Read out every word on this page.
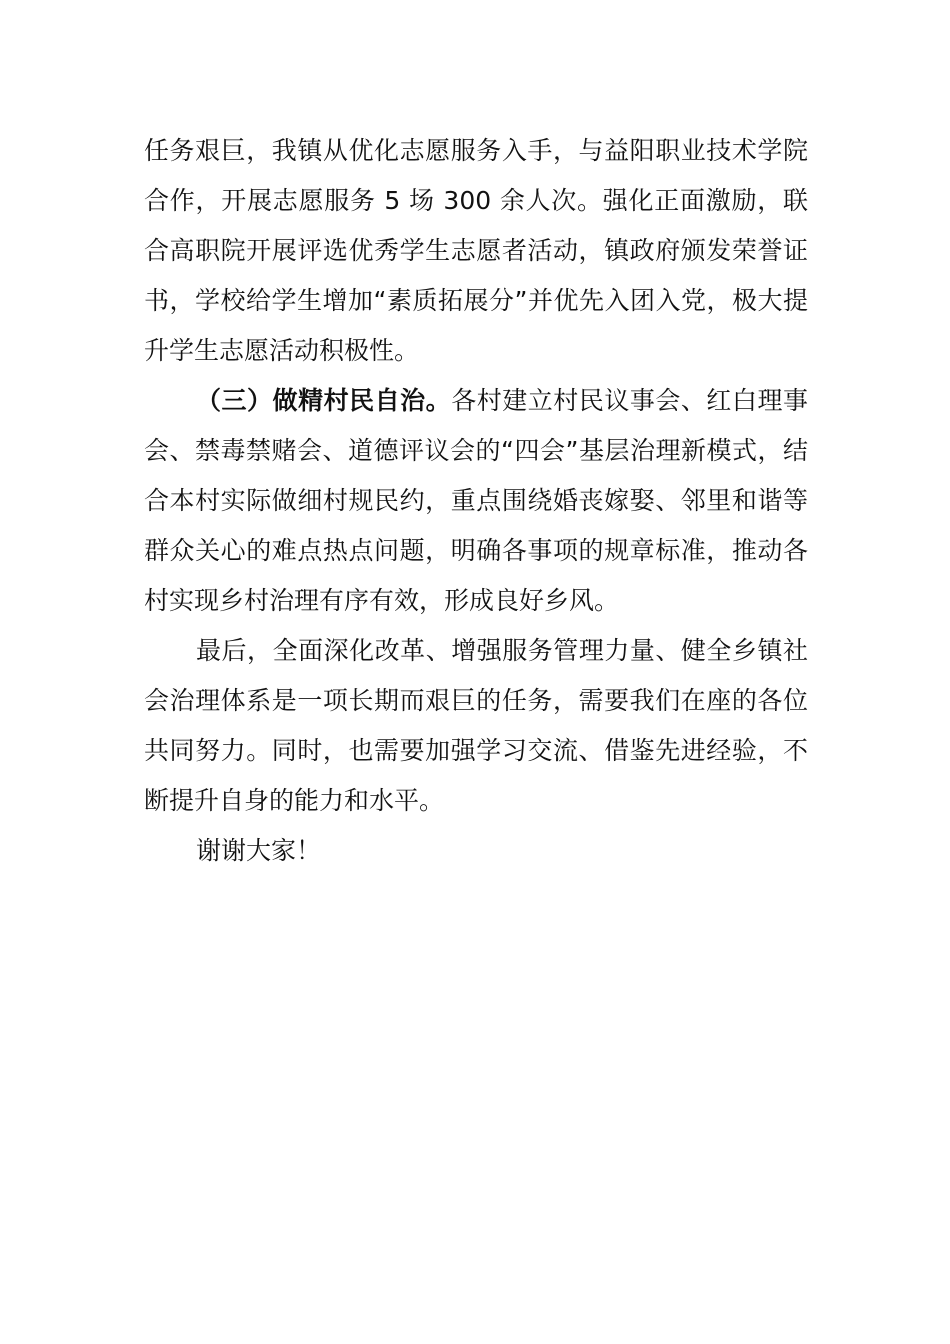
任务艰巨，我镇从优化志愿服务入手，与益阳职业技术学院合作，开展志愿服务 5 场 300 余人次。强化正面激励，联合高职院开展评选优秀学生志愿者活动，镇政府颁发荣誉证书，学校给学生增加“素质拓展分”并优先入团入党，极大提升学生志愿活动积极性。

（三）做精村民自治。各村建立村民议事会、红白理事会、禁毒禁赌会、道德评议会的“四会”基层治理新模式，结合本村实际做细村规民约，重点围绕婚丧嫁娶、邻里和谐等群众关心的难点热点问题，明确各事项的规章标准，推动各村实现乡村治理有序有效，形成良好乡风。

最后，全面深化改革、增强服务管理力量、健全乡镇社会治理体系是一项长期而艰巨的任务，需要我们在座的各位共同努力。同时，也需要加强学习交流、借鉴先进经验，不断提升自身的能力和水平。

谢谢大家！
